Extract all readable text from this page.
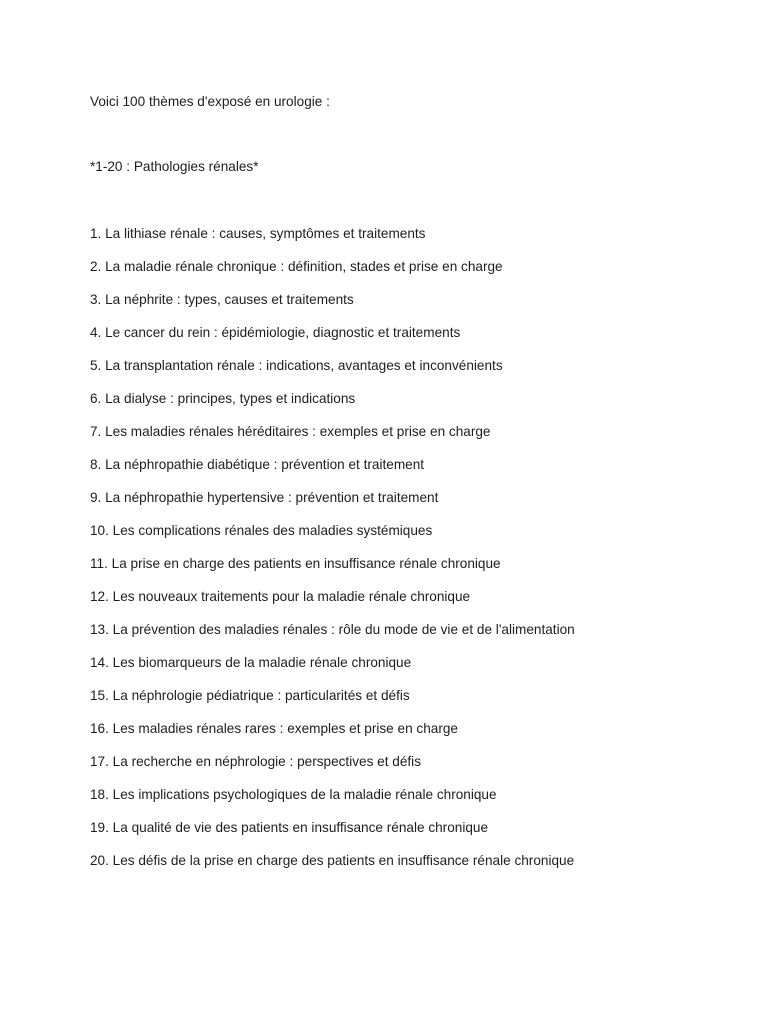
Voici 100 thèmes d'exposé en urologie :

*1-20 : Pathologies rénales*

1. La lithiase rénale : causes, symptômes et traitements
2. La maladie rénale chronique : définition, stades et prise en charge
3. La néphrite : types, causes et traitements
4. Le cancer du rein : épidémiologie, diagnostic et traitements
5. La transplantation rénale : indications, avantages et inconvénients
6. La dialyse : principes, types et indications
7. Les maladies rénales héréditaires : exemples et prise en charge
8. La néphropathie diabétique : prévention et traitement
9. La néphropathie hypertensive : prévention et traitement
10. Les complications rénales des maladies systémiques
11. La prise en charge des patients en insuffisance rénale chronique
12. Les nouveaux traitements pour la maladie rénale chronique
13. La prévention des maladies rénales : rôle du mode de vie et de l'alimentation
14. Les biomarqueurs de la maladie rénale chronique
15. La néphrologie pédiatrique : particularités et défis
16. Les maladies rénales rares : exemples et prise en charge
17. La recherche en néphrologie : perspectives et défis
18. Les implications psychologiques de la maladie rénale chronique
19. La qualité de vie des patients en insuffisance rénale chronique
20. Les défis de la prise en charge des patients en insuffisance rénale chronique
